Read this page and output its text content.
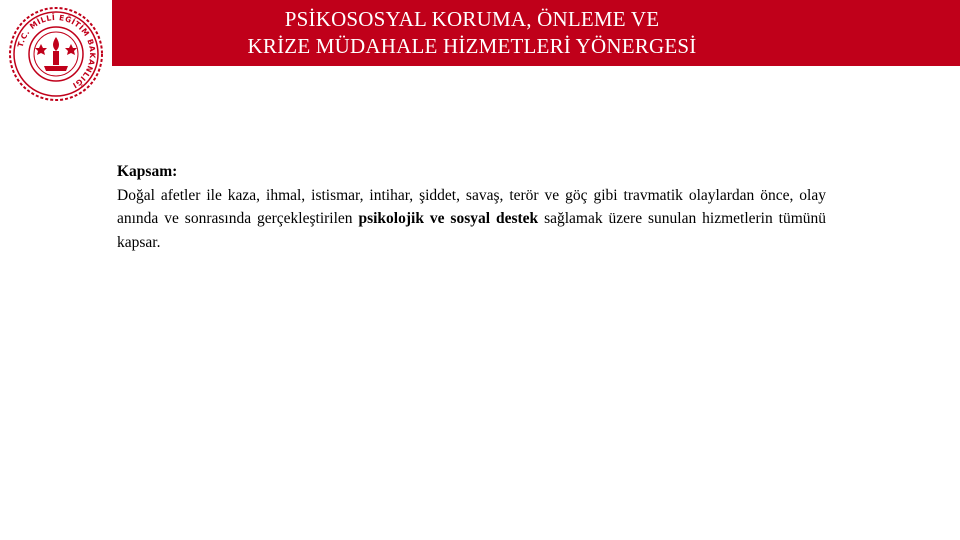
T.C. MİLLÎ EĞİTİM BAKANLIĞI
PSİKOSOSYAL KORUMA, ÖNLEME VE
KRİZE MÜDAHALE HİZMETLERİ YÖNERGESİ
Kapsam:
Doğal afetler ile kaza, ihmal, istismar, intihar, şiddet, savaş, terör ve göç gibi travmatik olaylardan önce, olay anında ve sonrasında gerçekleştirilen psikolojik ve sosyal destek sağlamak üzere sunulan hizmetlerin tümünü kapsar.
